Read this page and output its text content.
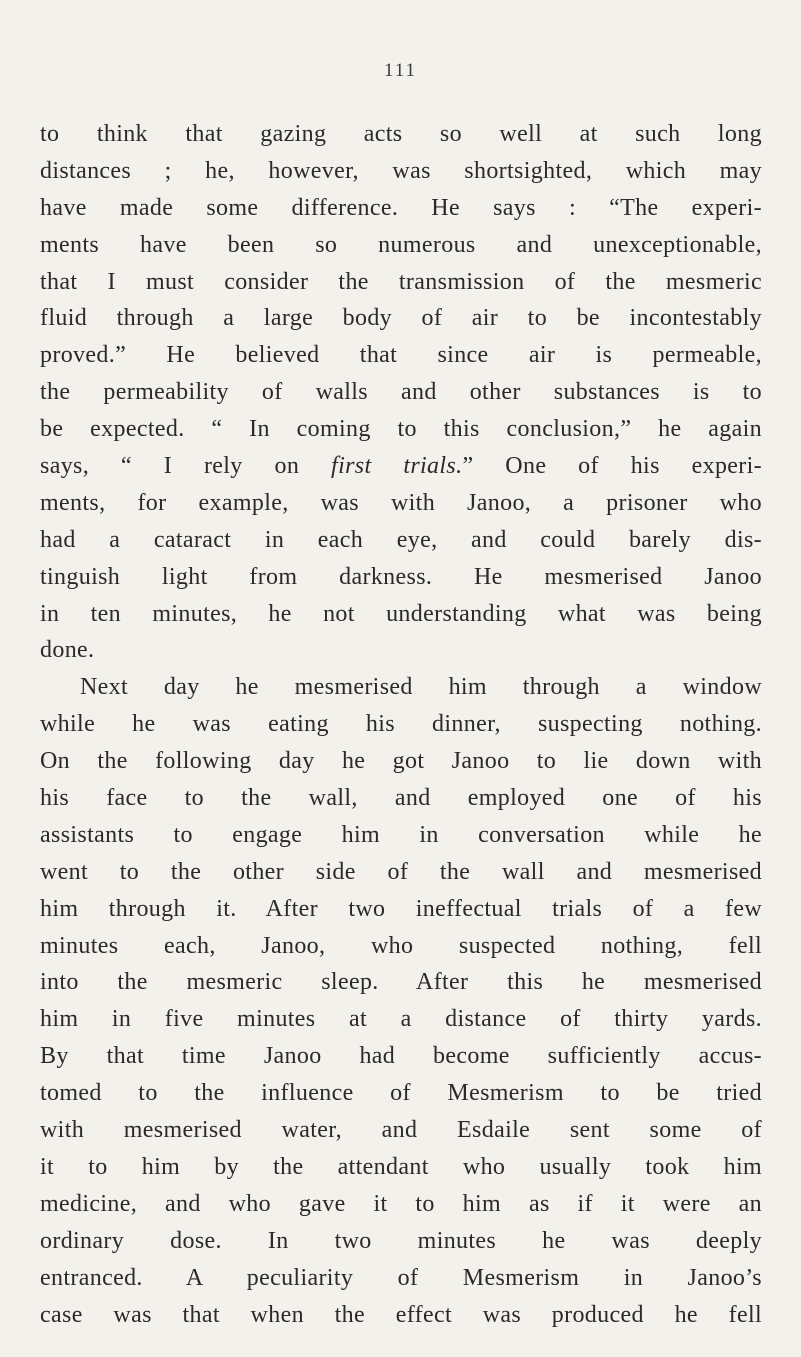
111
to think that gazing acts so well at such long
distances ; he, however, was shortsighted, which may
have made some difference. He says : “The experi-
ments have been so numerous and unexceptionable,
that I must consider the transmission of the mesmeric
fluid through a large body of air to be incontestably
proved.” He believed that since air is permeable,
the permeability of walls and other substances is to
be expected. “ In coming to this conclusion,” he again
says, “ I rely on first trials.” One of his experi-
ments, for example, was with Janoo, a prisoner who
had a cataract in each eye, and could barely dis-
tinguish light from darkness. He mesmerised Janoo
in ten minutes, he not understanding what was being
done.
Next day he mesmerised him through a window
while he was eating his dinner, suspecting nothing.
On the following day he got Janoo to lie down with
his face to the wall, and employed one of his
assistants to engage him in conversation while he
went to the other side of the wall and mesmerised
him through it. After two ineffectual trials of a few
minutes each, Janoo, who suspected nothing, fell
into the mesmeric sleep. After this he mesmerised
him in five minutes at a distance of thirty yards.
By that time Janoo had become sufficiently accus-
tomed to the influence of Mesmerism to be tried
with mesmerised water, and Esdaile sent some of
it to him by the attendant who usually took him
medicine, and who gave it to him as if it were an
ordinary dose. In two minutes he was deeply
entranced. A peculiarity of Mesmerism in Janoo’s
case was that when the effect was produced he fell
